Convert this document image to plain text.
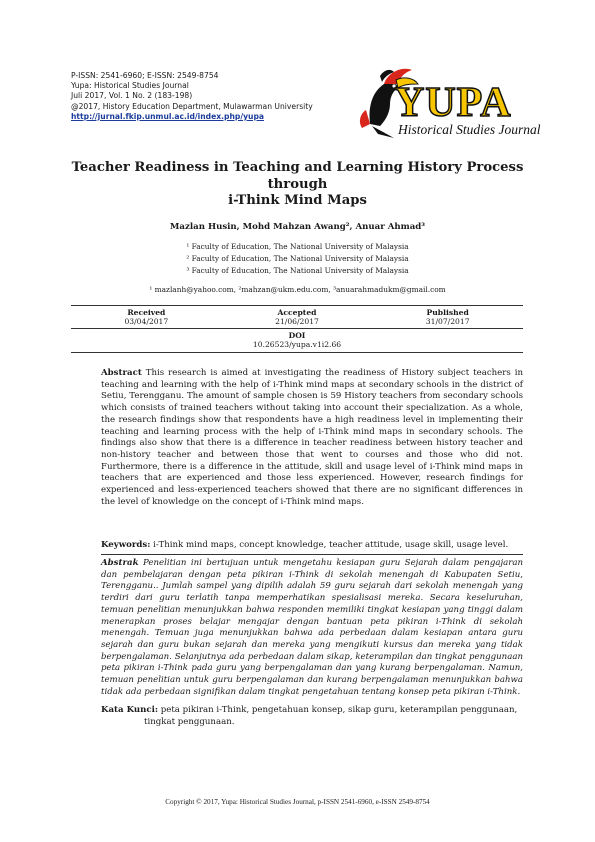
P-ISSN: 2541-6960; E-ISSN: 2549-8754
Yupa: Historical Studies Journal
Juli 2017, Vol. 1 No. 2 (183-198)
@2017, History Education Department, Mulawarman University
http://jurnal.fkip.unmul.ac.id/index.php/yupa	YUPA
Historical Studies Journal
Teacher Readiness in Teaching and Learning History Process through
i-Think Mind Maps
Mazlan Husin, Mohd Mahzan Awang², Anuar Ahmad³
¹ Faculty of Education, The National University of Malaysia
² Faculty of Education, The National University of Malaysia
³ Faculty of Education, The National University of Malaysia
¹ mazlanh@yahoo.com, ²mahzan@ukm.edu.com, ³anuarahmadukm@gmail.com
Received	Accepted	Published
03/04/2017	21/06/2017	31/07/2017
DOI
10.26523/yupa.v1i2.66
Abstract This research is aimed at investigating the readiness of History subject teachers in teaching and learning with the help of i-Think mind maps at secondary schools in the district of Setiu, Terengganu. The amount of sample chosen is 59 History teachers from secondary schools which consists of trained teachers without taking into account their specialization. As a whole, the research findings show that respondents have a high readiness level in implementing their teaching and learning process with the help of i-Think mind maps in secondary schools. The findings also show that there is a difference in teacher readiness between history teacher and non-history teacher and between those that went to courses and those who did not. Furthermore, there is a difference in the attitude, skill and usage level of i-Think mind maps in teachers that are experienced and those less experienced. However, research findings for experienced and less-experienced teachers showed that there are no significant differences in the level of knowledge on the concept of i-Think mind maps.
Keywords: i-Think mind maps, concept knowledge, teacher attitude, usage skill, usage level.
Abstrak Penelitian ini bertujuan untuk mengetahu kesiapan guru Sejarah dalam pengajaran dan pembelajaran dengan peta pikiran i-Think di sekolah menengah di Kabupaten Setiu, Terengganu.. Jumlah sampel yang dipilih adalah 59 guru sejarah dari sekolah menengah yang terdiri dari guru terlatih tanpa memperhatikan spesialisasi mereka. Secara keseluruhan, temuan penelitian menunjukkan bahwa responden memiliki tingkat kesiapan yang tinggi dalam menerapkan proses belajar mengajar dengan bantuan peta pikiran i-Think di sekolah menengah. Temuan juga menunjukkan bahwa ada perbedaan dalam kesiapan antara guru sejarah dan guru bukan sejarah dan mereka yang mengikuti kursus dan mereka yang tidak berpengalaman. Selanjutnya ada perbedaan dalam sikap, keterampilan dan tingkat penggunaan peta pikiran i-Think pada guru yang berpengalaman dan yang kurang berpengalaman. Namun, temuan penelitian untuk guru berpengalaman dan kurang berpengalaman menunjukkan bahwa tidak ada perbedaan signifikan dalam tingkat pengetahuan tentang konsep peta pikiran i-Think.
Kata Kunci: peta pikiran i-Think, pengetahuan konsep, sikap guru, keterampilan penggunaan,
tingkat penggunaan.
Copyright © 2017, Yupa: Historical Studies Journal, p-ISSN 2541-6960, e-ISSN 2549-8754
